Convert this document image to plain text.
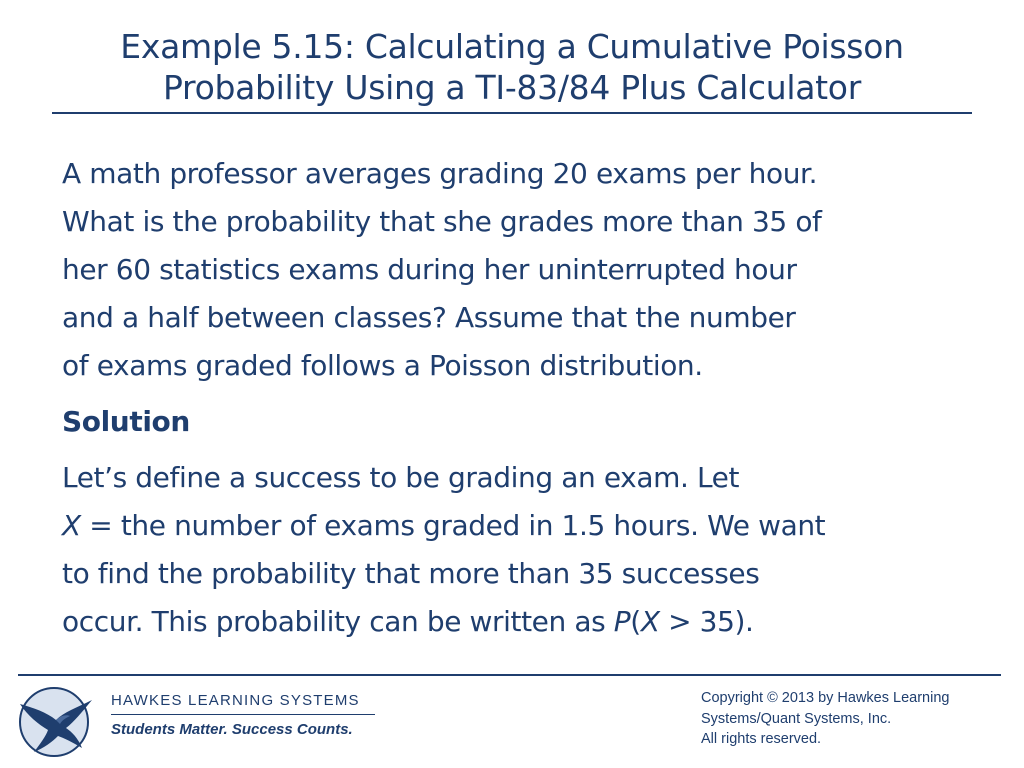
Example 5.15: Calculating a Cumulative Poisson
Probability Using a TI-83/84 Plus Calculator

A math professor averages grading 20 exams per hour.

What is the probability that she grades more than 35 of

her 60 statistics exams during her uninterrupted hour

and a half between classes? Assume that the number

of exams graded follows a Poisson distribution.

Solution

Let’s define a success to be grading an exam. Let

X = the number of exams graded in 1.5 hours. We want

to find the probability that more than 35 successes

occur. This probability can be written as P(X > 35).

HAWKES LEARNING SYSTEMS
Students Matter. Success Counts.
Copyright © 2013 by Hawkes Learning
Systems/Quant Systems, Inc.
All rights reserved.
